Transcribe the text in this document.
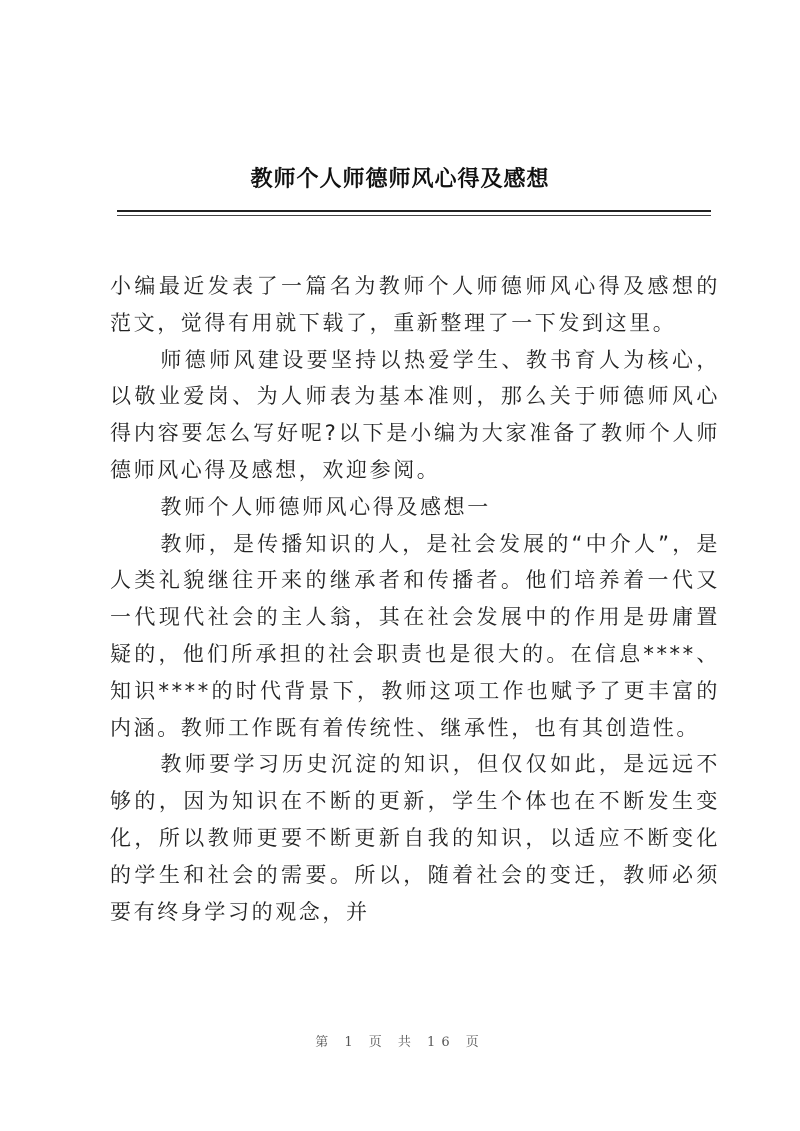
教师个人师德师风心得及感想

小编最近发表了一篇名为教师个人师德师风心得及感想的范文，觉得有用就下载了，重新整理了一下发到这里。

师德师风建设要坚持以热爱学生、教书育人为核心，以敬业爱岗、为人师表为基本准则，那么关于师德师风心得内容要怎么写好呢?以下是小编为大家准备了教师个人师德师风心得及感想，欢迎参阅。

教师个人师德师风心得及感想一

教师，是传播知识的人，是社会发展的“中介人”，是人类礼貌继往开来的继承者和传播者。他们培养着一代又一代现代社会的主人翁，其在社会发展中的作用是毋庸置疑的，他们所承担的社会职责也是很大的。在信息****、知识****的时代背景下，教师这项工作也赋予了更丰富的内涵。教师工作既有着传统性、继承性，也有其创造性。

教师要学习历史沉淀的知识，但仅仅如此，是远远不够的，因为知识在不断的更新，学生个体也在不断发生变化，所以教师更要不断更新自我的知识，以适应不断变化的学生和社会的需要。所以，随着社会的变迁，教师必须要有终身学习的观念，并

第 1 页 共 16 页
